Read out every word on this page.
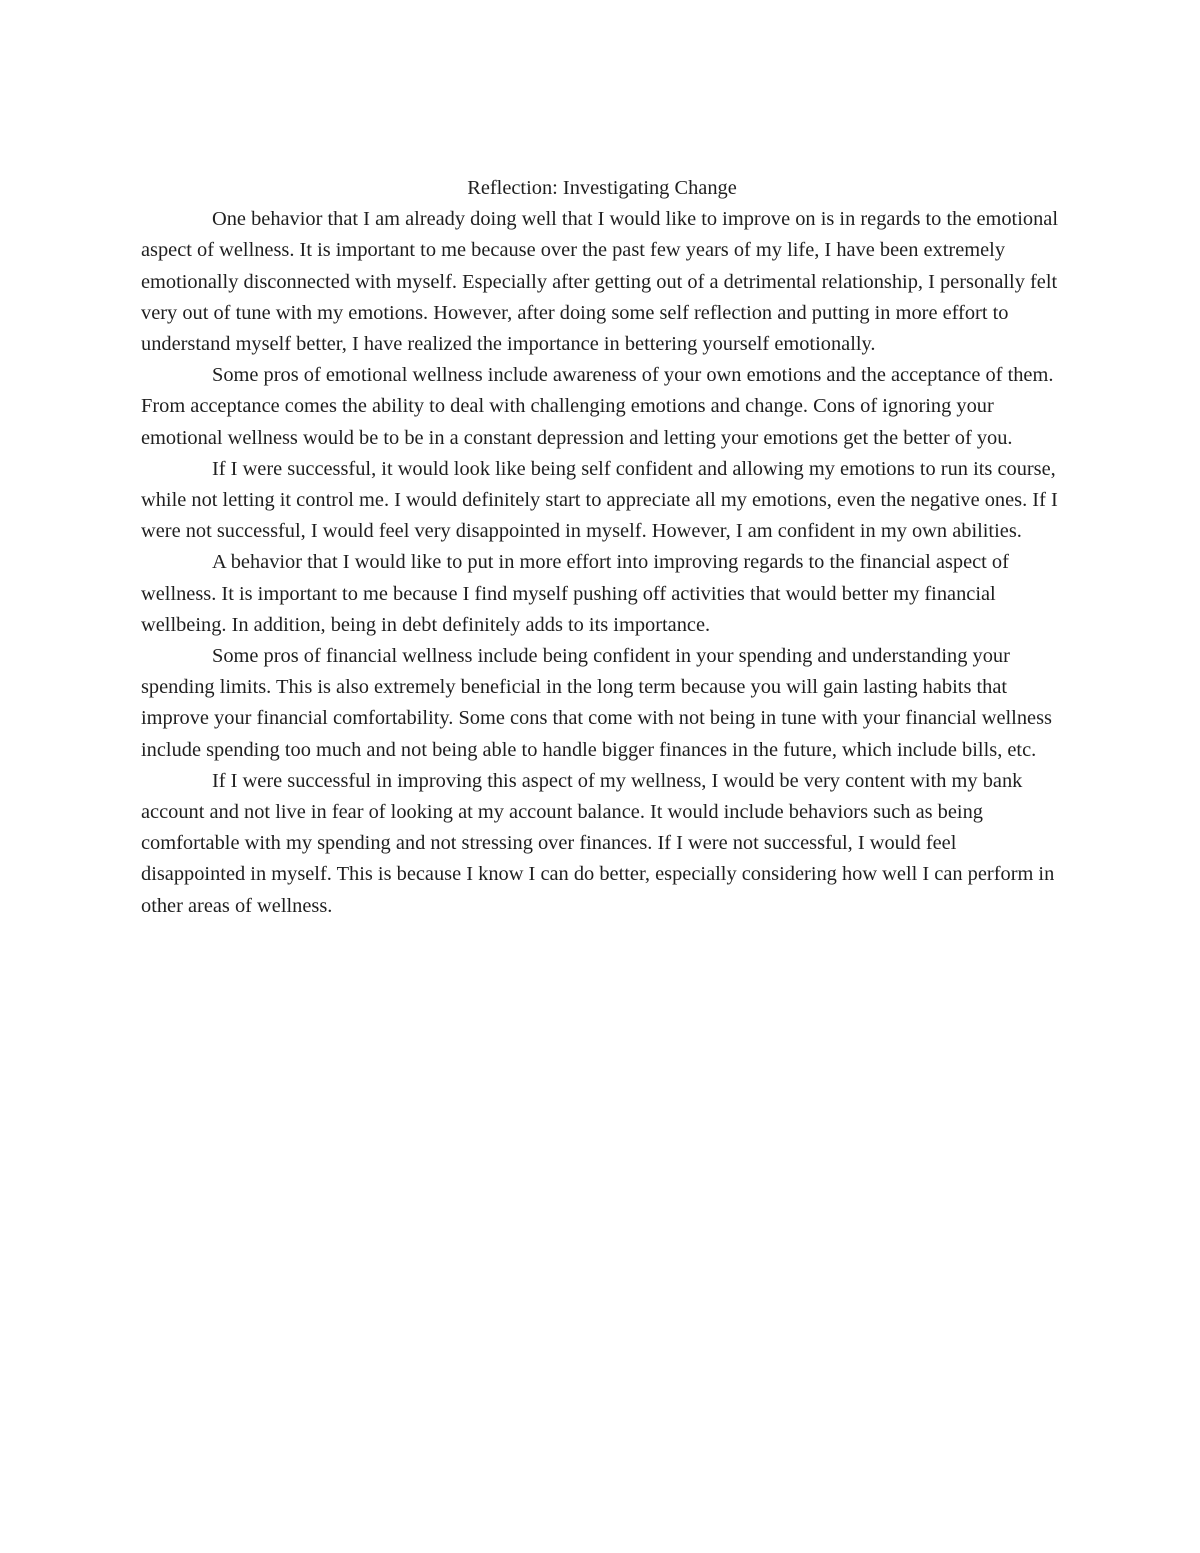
Reflection: Investigating Change

One behavior that I am already doing well that I would like to improve on is in regards to the emotional aspect of wellness. It is important to me because over the past few years of my life, I have been extremely emotionally disconnected with myself. Especially after getting out of a detrimental relationship, I personally felt very out of tune with my emotions. However, after doing some self reflection and putting in more effort to understand myself better, I have realized the importance in bettering yourself emotionally.

Some pros of emotional wellness include awareness of your own emotions and the acceptance of them. From acceptance comes the ability to deal with challenging emotions and change. Cons of ignoring your emotional wellness would be to be in a constant depression and letting your emotions get the better of you.

If I were successful, it would look like being self confident and allowing my emotions to run its course, while not letting it control me. I would definitely start to appreciate all my emotions, even the negative ones. If I were not successful, I would feel very disappointed in myself. However, I am confident in my own abilities.

A behavior that I would like to put in more effort into improving regards to the financial aspect of wellness. It is important to me because I find myself pushing off activities that would better my financial wellbeing. In addition, being in debt definitely adds to its importance.

Some pros of financial wellness include being confident in your spending and understanding your spending limits. This is also extremely beneficial in the long term because you will gain lasting habits that improve your financial comfortability. Some cons that come with not being in tune with your financial wellness include spending too much and not being able to handle bigger finances in the future, which include bills, etc.

If I were successful in improving this aspect of my wellness, I would be very content with my bank account and not live in fear of looking at my account balance. It would include behaviors such as being comfortable with my spending and not stressing over finances. If I were not successful, I would feel disappointed in myself. This is because I know I can do better, especially considering how well I can perform in other areas of wellness.
